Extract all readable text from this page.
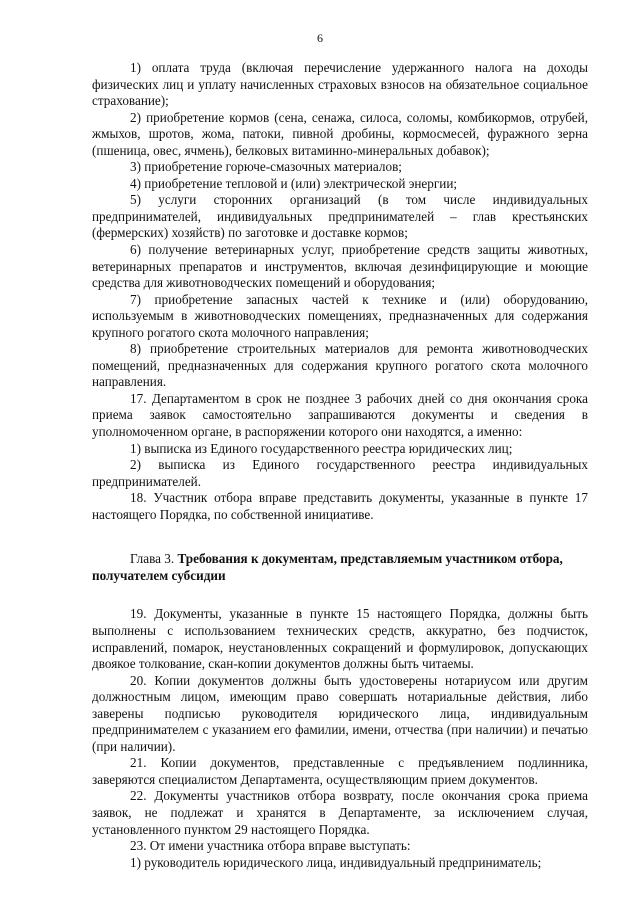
6

1) оплата труда (включая перечисление удержанного налога на доходы физических лиц и уплату начисленных страховых взносов на обязательное социальное страхование);

2) приобретение кормов (сена, сенажа, силоса, соломы, комбикормов, отрубей, жмыхов, шротов, жома, патоки, пивной дробины, кормосмесей, фуражного зерна (пшеница, овес, ячмень), белковых витаминно-минеральных добавок);

3) приобретение горюче-смазочных материалов;

4) приобретение тепловой и (или) электрической энергии;

5) услуги сторонних организаций (в том числе индивидуальных предпринимателей, индивидуальных предпринимателей – глав крестьянских (фермерских) хозяйств) по заготовке и доставке кормов;

6) получение ветеринарных услуг, приобретение средств защиты животных, ветеринарных препаратов и инструментов, включая дезинфицирующие и моющие средства для животноводческих помещений и оборудования;

7) приобретение запасных частей к технике и (или) оборудованию, используемым в животноводческих помещениях, предназначенных для содержания крупного рогатого скота молочного направления;

8) приобретение строительных материалов для ремонта животноводческих помещений, предназначенных для содержания крупного рогатого скота молочного направления.

17. Департаментом в срок не позднее 3 рабочих дней со дня окончания срока приема заявок самостоятельно запрашиваются документы и сведения в уполномоченном органе, в распоряжении которого они находятся, а именно:

1) выписка из Единого государственного реестра юридических лиц;

2) выписка из Единого государственного реестра индивидуальных предпринимателей.

18. Участник отбора вправе представить документы, указанные в пункте 17 настоящего Порядка, по собственной инициативе.

Глава 3. Требования к документам, представляемым участником отбора,
получателем субсидии

19. Документы, указанные в пункте 15 настоящего Порядка, должны быть выполнены с использованием технических средств, аккуратно, без подчисток, исправлений, помарок, неустановленных сокращений и формулировок, допускающих двоякое толкование, скан-копии документов должны быть читаемы.

20. Копии документов должны быть удостоверены нотариусом или другим должностным лицом, имеющим право совершать нотариальные действия, либо заверены подписью руководителя юридического лица, индивидуальным предпринимателем с указанием его фамилии, имени, отчества (при наличии) и печатью (при наличии).

21. Копии документов, представленные с предъявлением подлинника, заверяются специалистом Департамента, осуществляющим прием документов.

22. Документы участников отбора возврату, после окончания срока приема заявок, не подлежат и хранятся в Департаменте, за исключением случая, установленного пунктом 29 настоящего Порядка.

23. От имени участника отбора вправе выступать:

1) руководитель юридического лица, индивидуальный предприниматель;
